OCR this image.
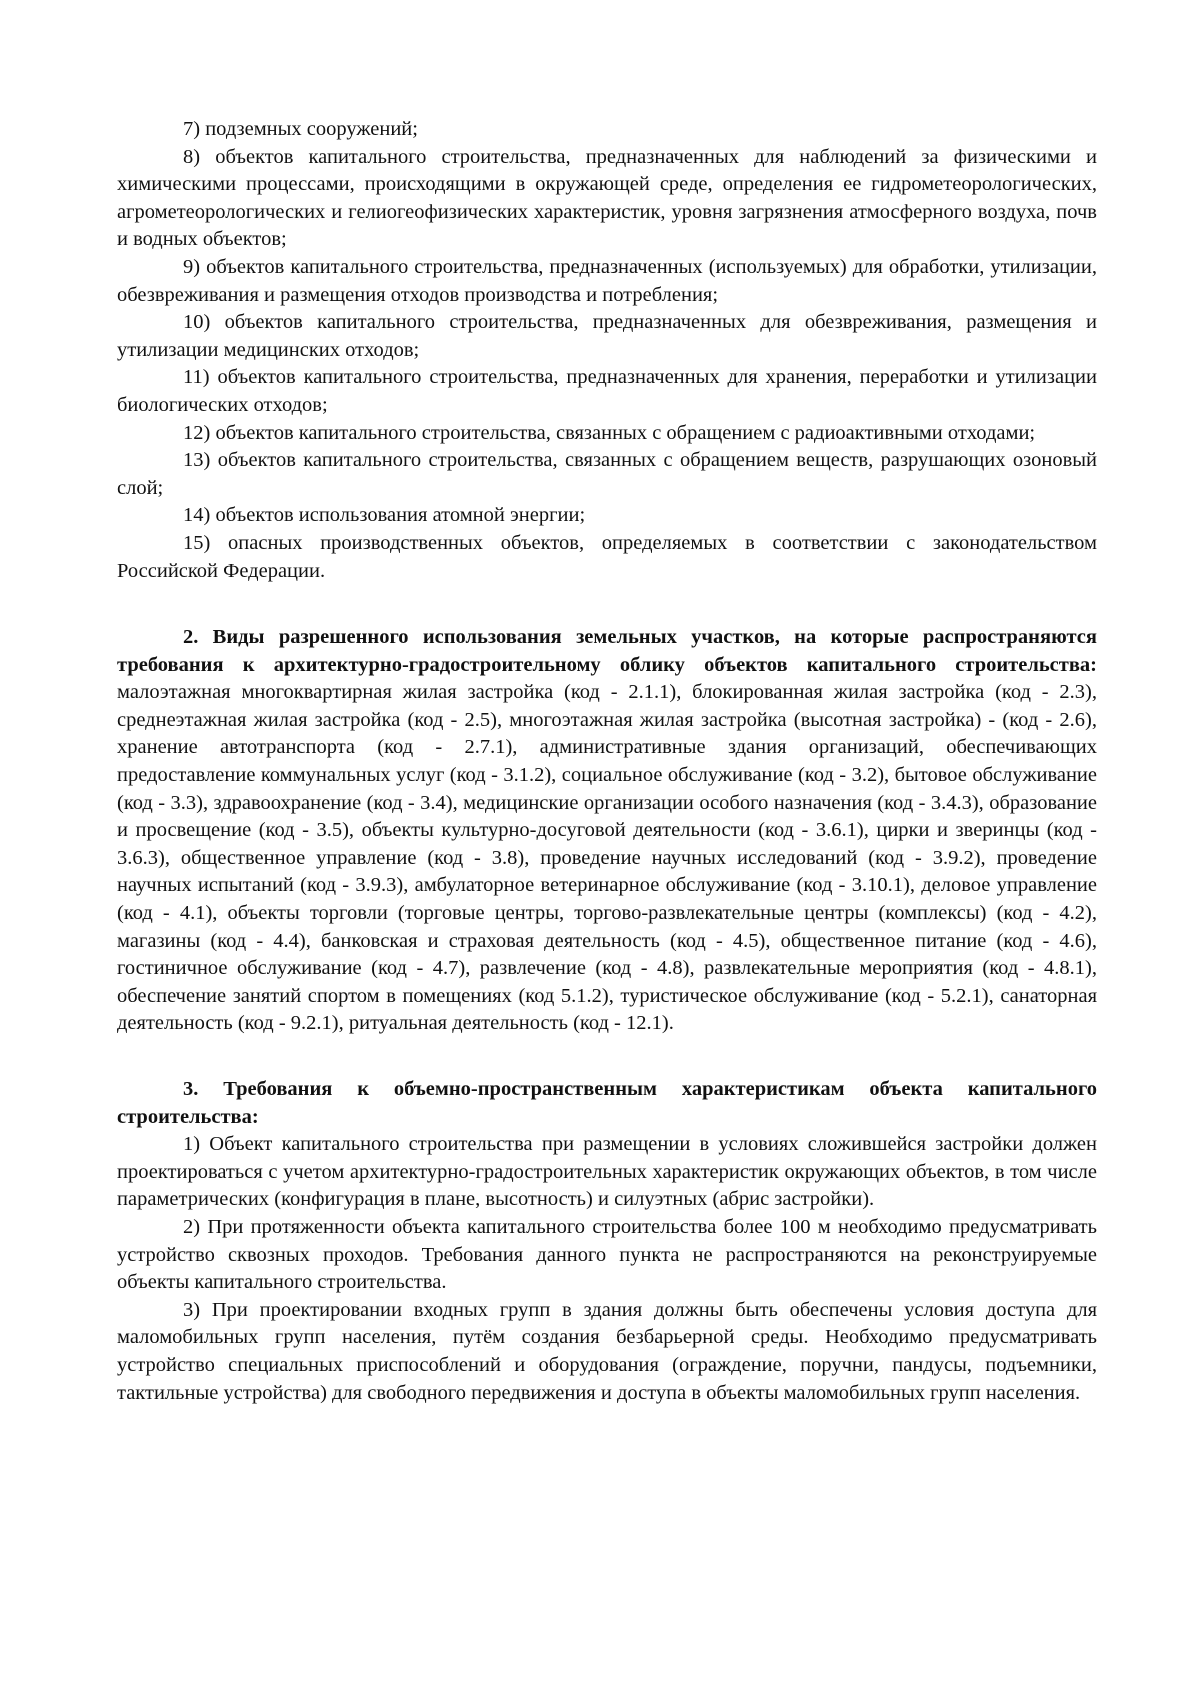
7) подземных сооружений;

8) объектов капитального строительства, предназначенных для наблюдений за физическими и химическими процессами, происходящими в окружающей среде, определения ее гидрометеорологических, агрометеорологических и гелиогеофизических характеристик, уровня загрязнения атмосферного воздуха, почв и водных объектов;

9) объектов капитального строительства, предназначенных (используемых) для обработки, утилизации, обезвреживания и размещения отходов производства и потребления;

10) объектов капитального строительства, предназначенных для обезвреживания, размещения и утилизации медицинских отходов;

11) объектов капитального строительства, предназначенных для хранения, переработки и утилизации биологических отходов;

12) объектов капитального строительства, связанных с обращением с радиоактивными отходами;

13) объектов капитального строительства, связанных с обращением веществ, разрушающих озоновый слой;

14) объектов использования атомной энергии;

15) опасных производственных объектов, определяемых в соответствии с законодательством Российской Федерации.

2. Виды разрешенного использования земельных участков, на которые распространяются требования к архитектурно-градостроительному облику объектов капитального строительства: малоэтажная многоквартирная жилая застройка (код - 2.1.1), блокированная жилая застройка (код - 2.3), среднеэтажная жилая застройка (код - 2.5), многоэтажная жилая застройка (высотная застройка) - (код - 2.6), хранение автотранспорта (код - 2.7.1), административные здания организаций, обеспечивающих предоставление коммунальных услуг (код - 3.1.2), социальное обслуживание (код - 3.2), бытовое обслуживание (код - 3.3), здравоохранение (код - 3.4), медицинские организации особого назначения (код - 3.4.3), образование и просвещение (код - 3.5), объекты культурно-досуговой деятельности (код - 3.6.1), цирки и зверинцы (код - 3.6.3), общественное управление (код - 3.8), проведение научных исследований (код - 3.9.2), проведение научных испытаний (код - 3.9.3), амбулаторное ветеринарное обслуживание (код - 3.10.1), деловое управление (код - 4.1), объекты торговли (торговые центры, торгово-развлекательные центры (комплексы) (код - 4.2), магазины (код - 4.4), банковская и страховая деятельность (код - 4.5), общественное питание (код - 4.6), гостиничное обслуживание (код - 4.7), развлечение (код - 4.8), развлекательные мероприятия (код - 4.8.1), обеспечение занятий спортом в помещениях (код 5.1.2), туристическое обслуживание (код - 5.2.1), санаторная деятельность (код - 9.2.1), ритуальная деятельность (код - 12.1).

3. Требования к объемно-пространственным характеристикам объекта капитального строительства:

1) Объект капитального строительства при размещении в условиях сложившейся застройки должен проектироваться с учетом архитектурно-градостроительных характеристик окружающих объектов, в том числе параметрических (конфигурация в плане, высотность) и силуэтных (абрис застройки).

2) При протяженности объекта капитального строительства более 100 м необходимо предусматривать устройство сквозных проходов. Требования данного пункта не распространяются на реконструируемые объекты капитального строительства.

3) При проектировании входных групп в здания должны быть обеспечены условия доступа для маломобильных групп населения, путём создания безбарьерной среды. Необходимо предусматривать устройство специальных приспособлений и оборудования (ограждение, поручни, пандусы, подъемники, тактильные устройства) для свободного передвижения и доступа в объекты маломобильных групп населения.
